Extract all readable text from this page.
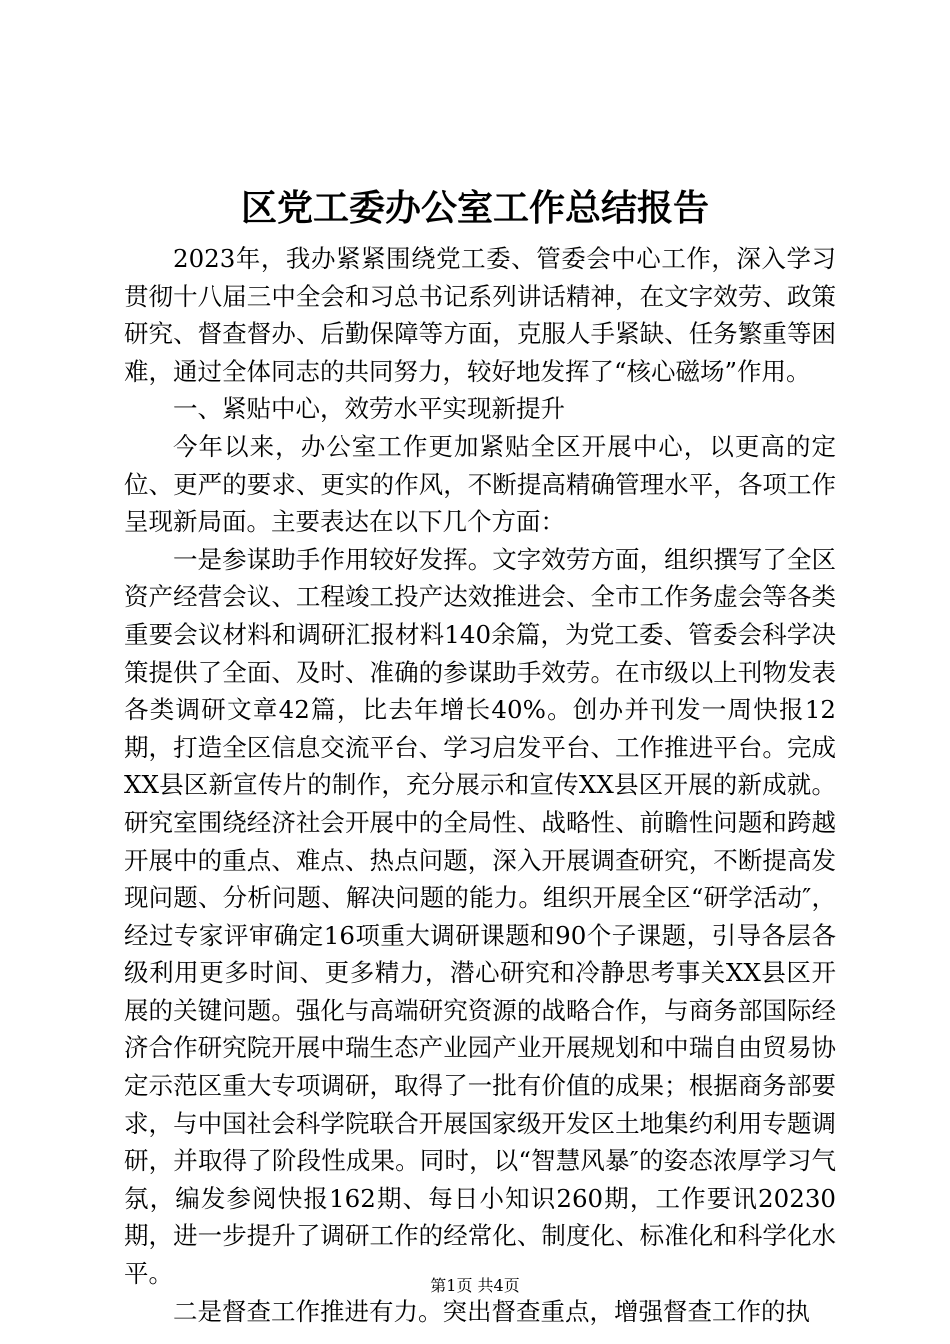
区党工委办公室工作总结报告

2023年，我办紧紧围绕党工委、管委会中心工作，深入学习贯彻十八届三中全会和习总书记系列讲话精神，在文字效劳、政策研究、督查督办、后勤保障等方面，克服人手紧缺、任务繁重等困难，通过全体同志的共同努力，较好地发挥了“核心磁场”作用。

一、紧贴中心，效劳水平实现新提升

今年以来，办公室工作更加紧贴全区开展中心，以更高的定位、更严的要求、更实的作风，不断提高精确管理水平，各项工作呈现新局面。主要表达在以下几个方面：

一是参谋助手作用较好发挥。文字效劳方面，组织撰写了全区资产经营会议、工程竣工投产达效推进会、全市工作务虚会等各类重要会议材料和调研汇报材料140余篇，为党工委、管委会科学决策提供了全面、及时、准确的参谋助手效劳。在市级以上刊物发表各类调研文章42篇，比去年增长40%。创办并刊发一周快报12期，打造全区信息交流平台、学习启发平台、工作推进平台。完成XX县区新宣传片的制作，充分展示和宣传XX县区开展的新成就。研究室围绕经济社会开展中的全局性、战略性、前瞻性问题和跨越开展中的重点、难点、热点问题，深入开展调查研究，不断提高发现问题、分析问题、解决问题的能力。组织开展全区“研学活动″，经过专家评审确定16项重大调研课题和90个子课题，引导各层各级利用更多时间、更多精力，潜心研究和冷静思考事关XX县区开展的关键问题。强化与高端研究资源的战略合作，与商务部国际经济合作研究院开展中瑞生态产业园产业开展规划和中瑞自由贸易协定示范区重大专项调研，取得了一批有价值的成果；根据商务部要求，与中国社会科学院联合开展国家级开发区土地集约利用专题调研，并取得了阶段性成果。同时，以“智慧风暴″的姿态浓厚学习气氛，编发参阅快报162期、每日小知识260期，工作要讯20230期，进一步提升了调研工作的经常化、制度化、标准化和科学化水平。

二是督查工作推进有力。突出督查重点，增强督查工作的执

第1页 共4页
